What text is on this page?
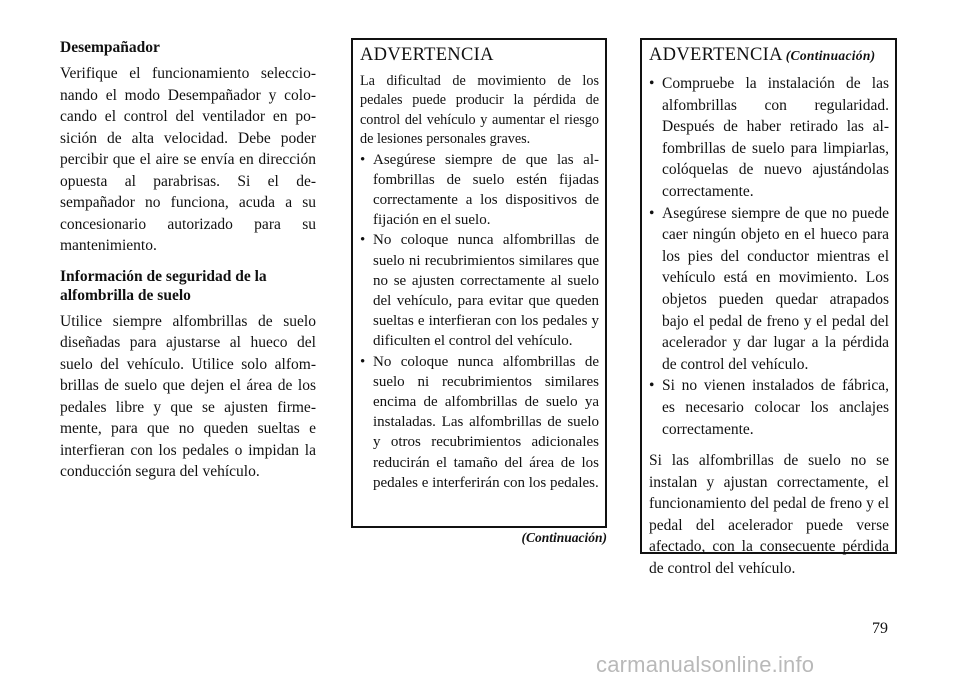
Desempañador

Verifique el funcionamiento seleccionando el modo Desempañador y colocando el control del ventilador en posición de alta velocidad. Debe poder percibir que el aire se envía en dirección opuesta al parabrisas. Si el desempañador no funciona, acuda a su concesionario autorizado para su mantenimiento.

Información de seguridad de la alfombrilla de suelo

Utilice siempre alfombrillas de suelo diseñadas para ajustarse al hueco del suelo del vehículo. Utilice solo alfombrillas de suelo que dejen el área de los pedales libre y que se ajusten firmemente, para que no queden sueltas e interfieran con los pedales o impidan la conducción segura del vehículo.

ADVERTENCIA

La dificultad de movimiento de los pedales puede producir la pérdida de control del vehículo y aumentar el riesgo de lesiones personales graves.

• Asegúrese siempre de que las alfombrillas de suelo estén fijadas correctamente a los dispositivos de fijación en el suelo.

• No coloque nunca alfombrillas de suelo ni recubrimientos similares que no se ajusten correctamente al suelo del vehículo, para evitar que queden sueltas e interfieran con los pedales y dificulten el control del vehículo.

• No coloque nunca alfombrillas de suelo ni recubrimientos similares encima de alfombrillas de suelo ya instaladas. Las alfombrillas de suelo y otros recubrimientos adicionales reducirán el tamaño del área de los pedales e interferirán con los pedales.

(Continuación)
ADVERTENCIA (Continuación)

• Compruebe la instalación de las alfombrillas con regularidad. Después de haber retirado las alfombrillas de suelo para limpiarlas, colóquelas de nuevo ajustándolas correctamente.

• Asegúrese siempre de que no puede caer ningún objeto en el hueco para los pies del conductor mientras el vehículo está en movimiento. Los objetos pueden quedar atrapados bajo el pedal de freno y el pedal del acelerador y dar lugar a la pérdida de control del vehículo.

• Si no vienen instalados de fábrica, es necesario colocar los anclajes correctamente.

Si las alfombrillas de suelo no se instalan y ajustan correctamente, el funcionamiento del pedal de freno y el pedal del acelerador puede verse afectado, con la consecuente pérdida de control del vehículo.

79
carmanualsonline.info
